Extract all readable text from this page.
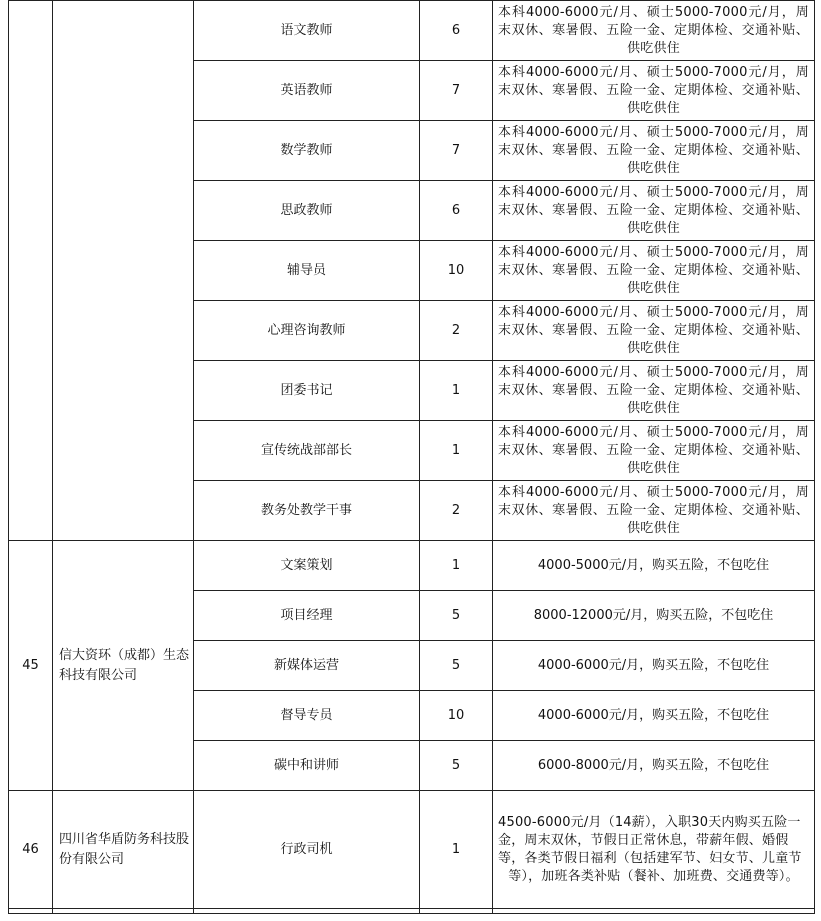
		语文教师	6	本科4000-6000元/月、硕士5000-7000元/月，周末双休、寒暑假、五险一金、定期体检、交通补贴、供吃供住
		英语教师	7	本科4000-6000元/月、硕士5000-7000元/月，周末双休、寒暑假、五险一金、定期体检、交通补贴、供吃供住
		数学教师	7	本科4000-6000元/月、硕士5000-7000元/月，周末双休、寒暑假、五险一金、定期体检、交通补贴、供吃供住
		思政教师	6	本科4000-6000元/月、硕士5000-7000元/月，周末双休、寒暑假、五险一金、定期体检、交通补贴、供吃供住
		辅导员	10	本科4000-6000元/月、硕士5000-7000元/月，周末双休、寒暑假、五险一金、定期体检、交通补贴、供吃供住
		心理咨询教师	2	本科4000-6000元/月、硕士5000-7000元/月，周末双休、寒暑假、五险一金、定期体检、交通补贴、供吃供住
		团委书记	1	本科4000-6000元/月、硕士5000-7000元/月，周末双休、寒暑假、五险一金、定期体检、交通补贴、供吃供住
		宣传统战部部长	1	本科4000-6000元/月、硕士5000-7000元/月，周末双休、寒暑假、五险一金、定期体检、交通补贴、供吃供住
		教务处教学干事	2	本科4000-6000元/月、硕士5000-7000元/月，周末双休、寒暑假、五险一金、定期体检、交通补贴、供吃供住
45	信大资环（成都）生态科技有限公司	文案策划	1	4000-5000元/月，购买五险，不包吃住
		项目经理	5	8000-12000元/月，购买五险，不包吃住
		新媒体运营	5	4000-6000元/月，购买五险，不包吃住
		督导专员	10	4000-6000元/月，购买五险，不包吃住
		碳中和讲师	5	6000-8000元/月，购买五险，不包吃住
46	四川省华盾防务科技股份有限公司	行政司机	1	4500-6000元/月（14薪），入职30天内购买五险一金，周末双休，节假日正常休息，带薪年假、婚假等，各类节假日福利（包括建军节、妇女节、儿童节等），加班各类补贴（餐补、加班费、交通费等）。
